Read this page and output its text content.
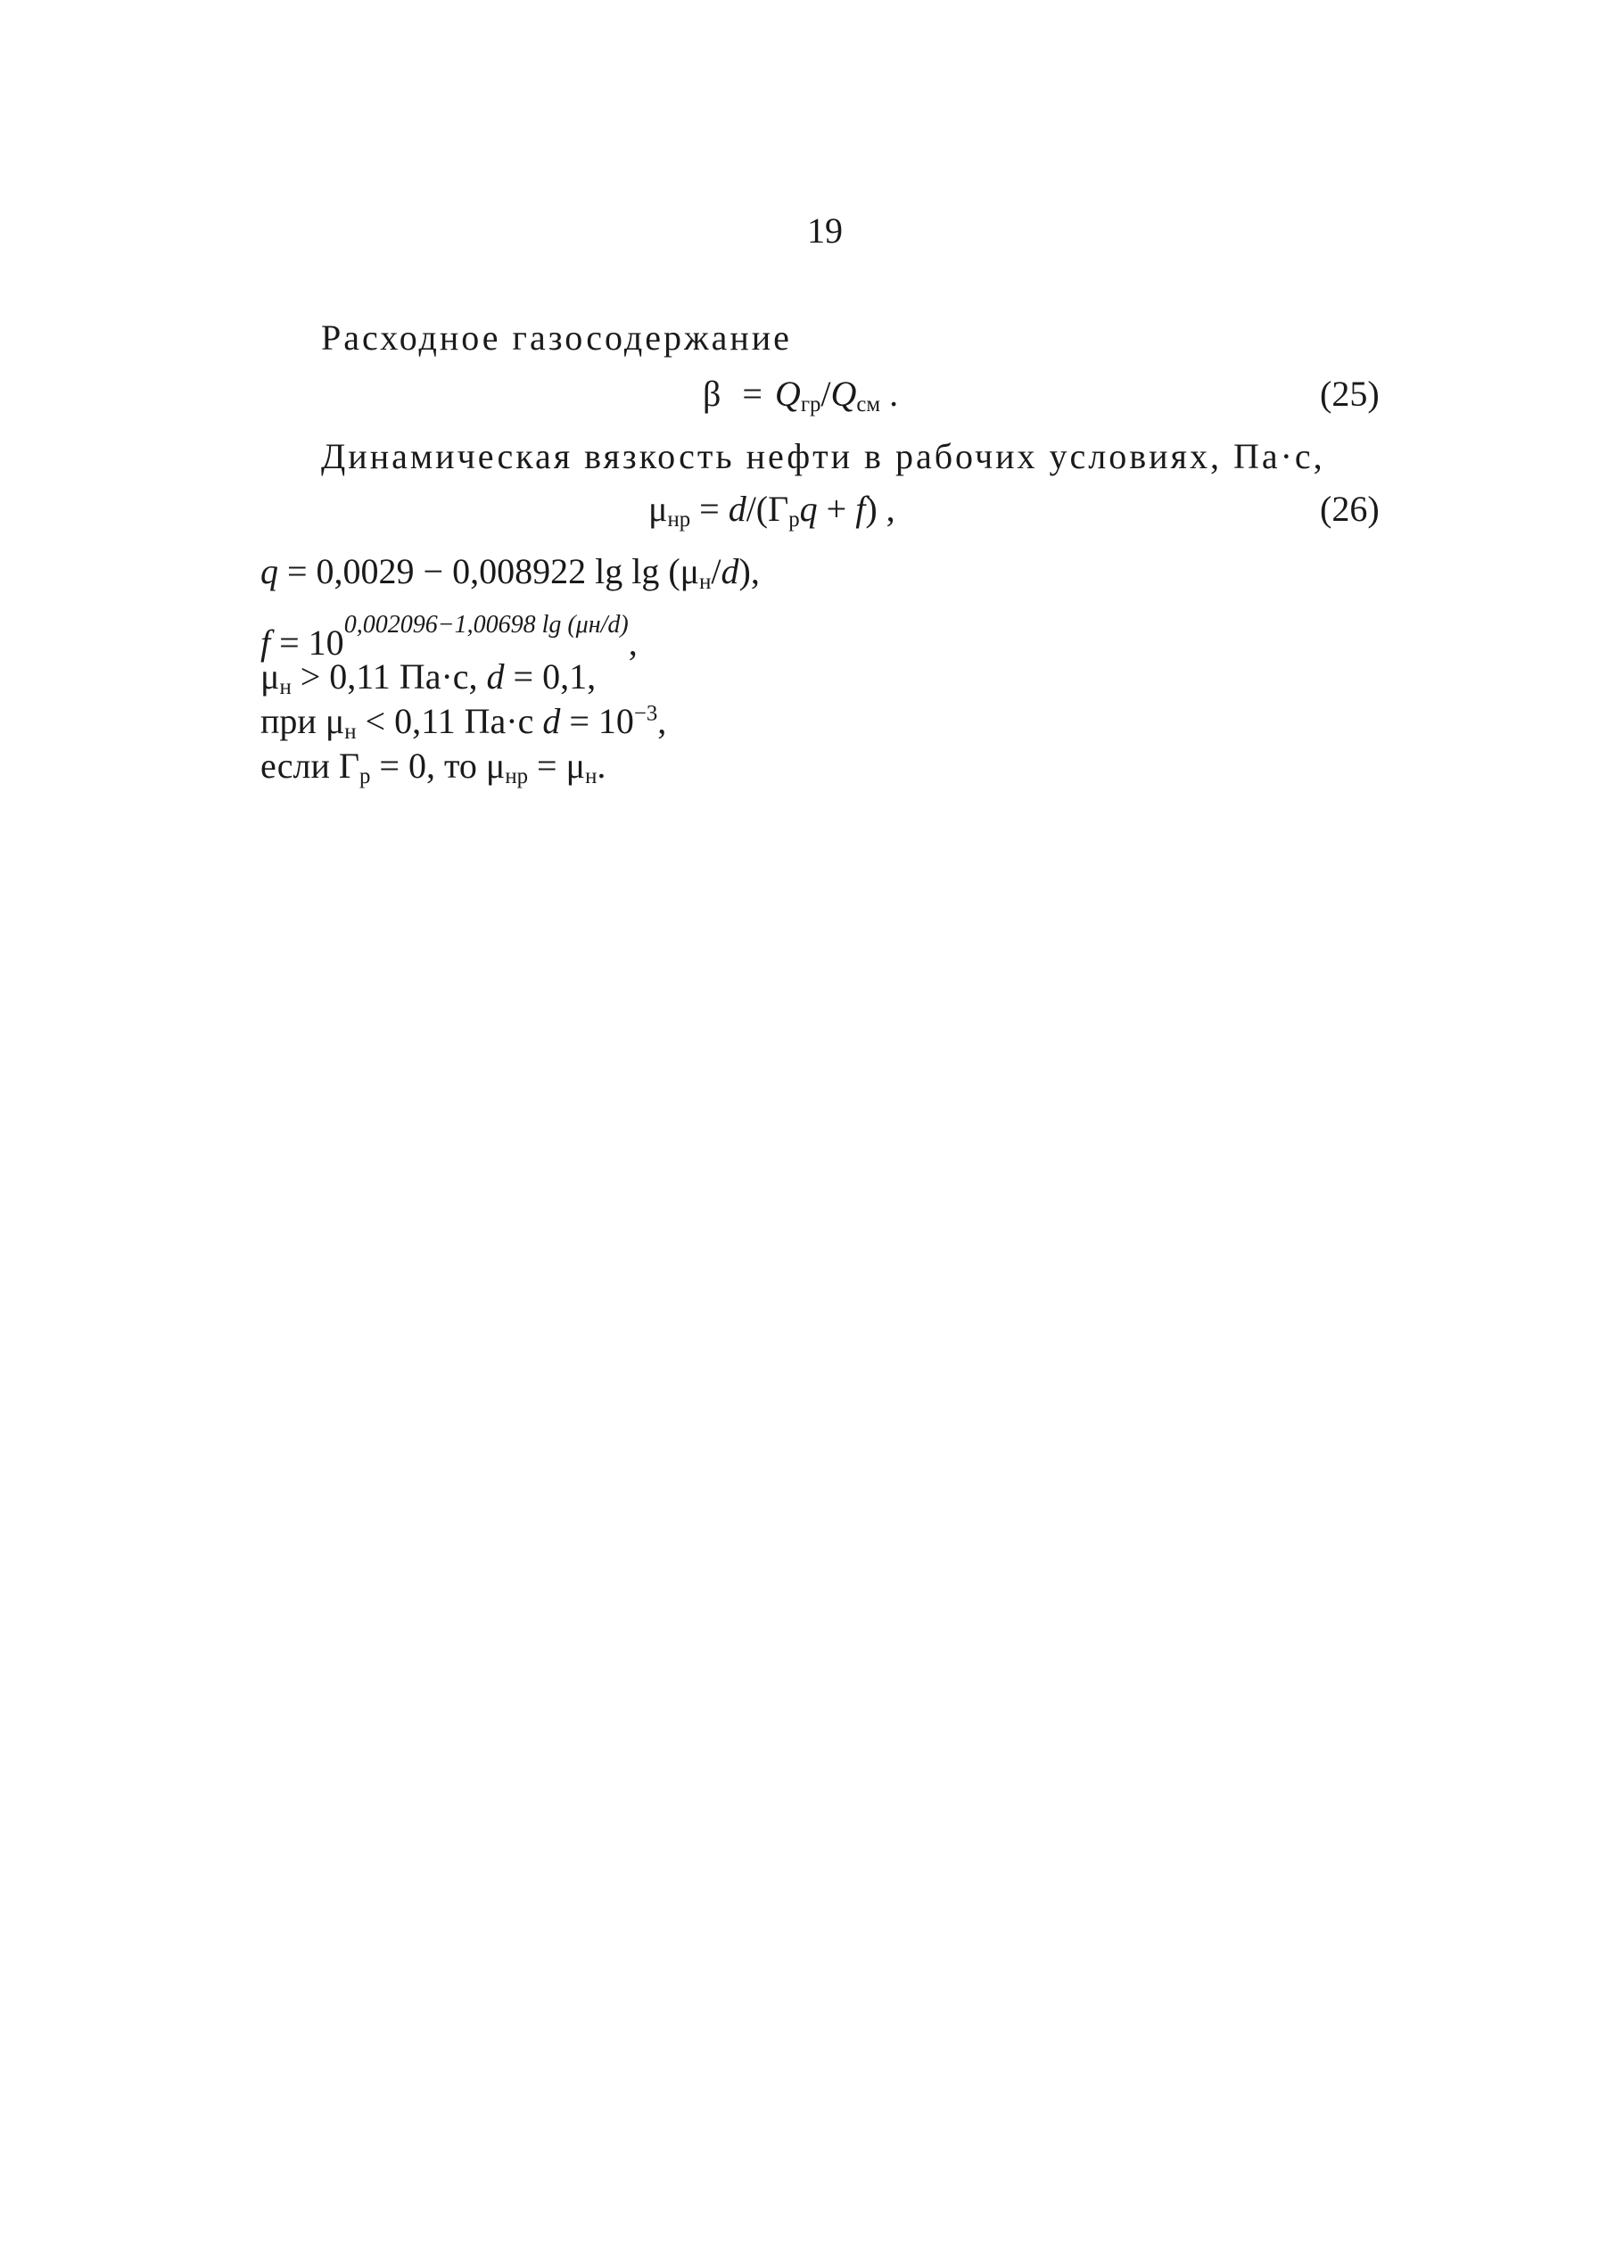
19
Расходное газосодержание
$\beta = Q_{гр}/Q_{см}$ .	(25)
Динамическая вязкость нефти в рабочих условиях, Па·с,
$\mu_{нр} = d/(\Gamma_рq + f)$ ,	(26)
q = 0,0029 − 0,008922 $\lg \lg (\mu_н/d)$,
$f = 10^{0,002096-1,00698 lg (\mu н/d)}$,
$\mu_н > 0,11$ Па·с, d = 0,1,
при $\mu_н < 0,11$ Па·с $d = 10^{-3}$,
если $\Gamma_р = 0$, то $\mu_{нр} = \mu_н$.
